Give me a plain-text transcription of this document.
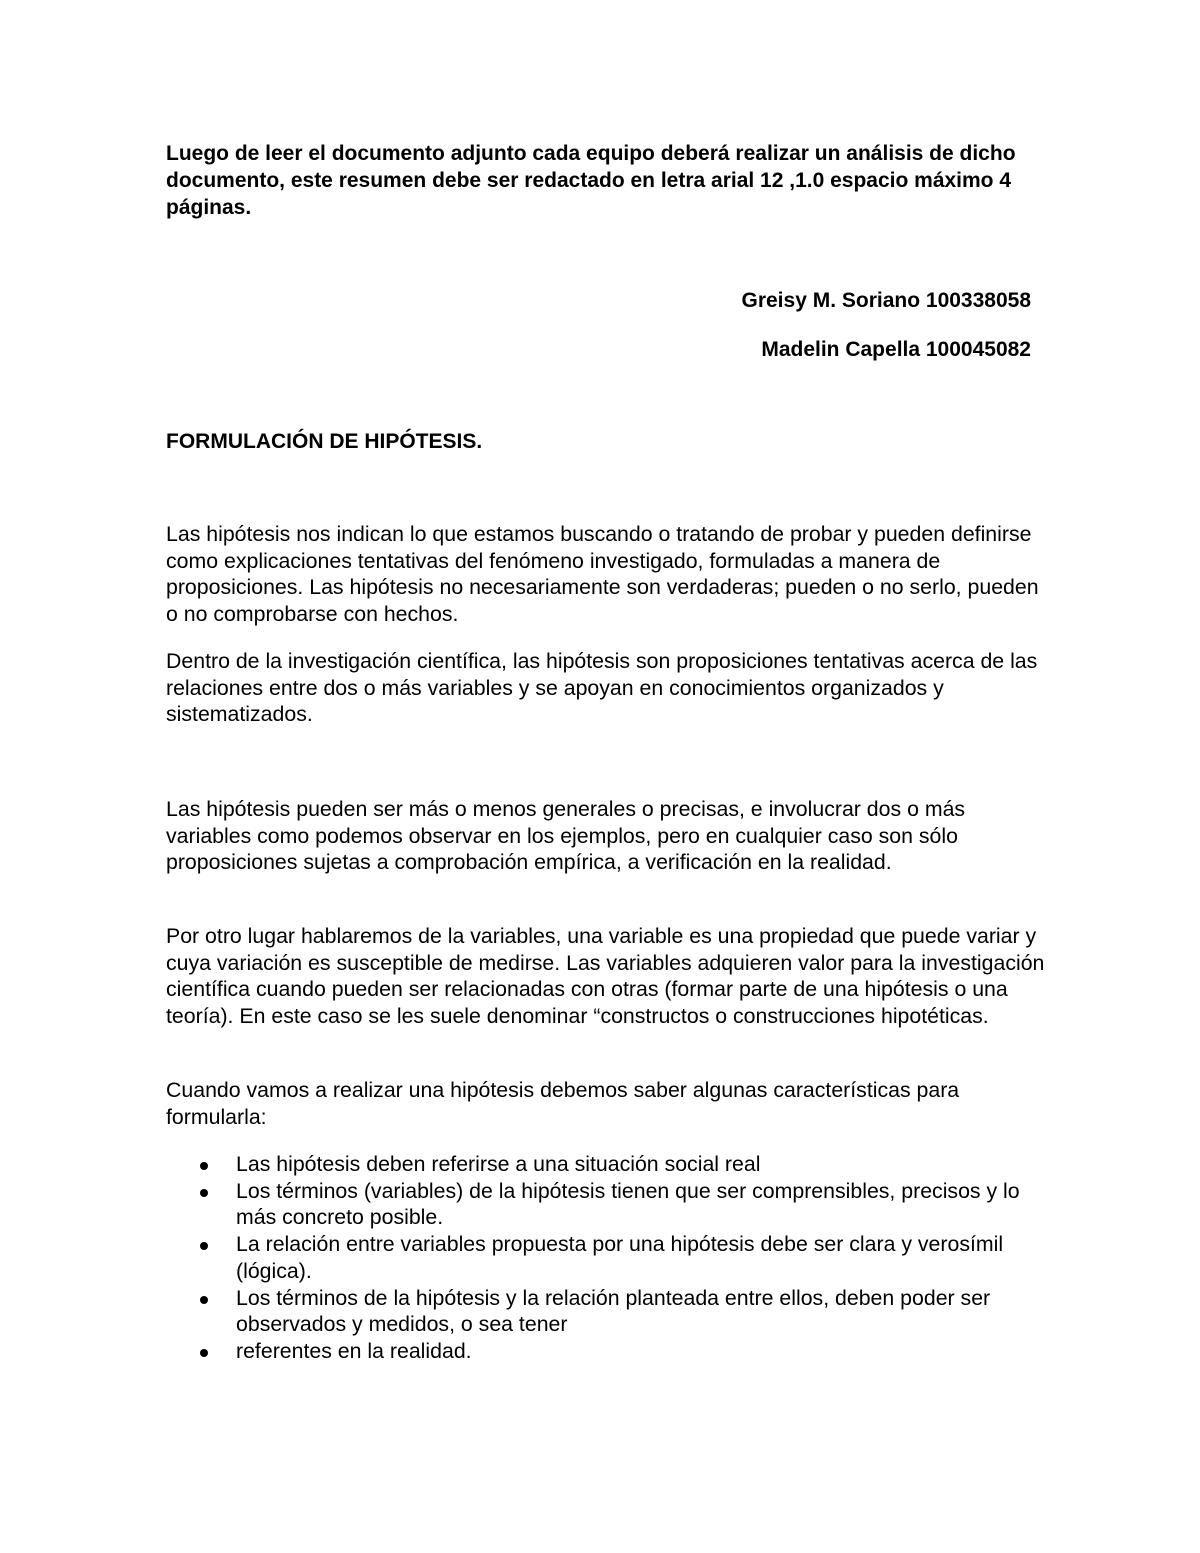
Luego de leer el documento adjunto cada equipo deberá realizar un análisis de dicho documento, este resumen debe ser redactado en letra arial 12 ,1.0 espacio máximo 4 páginas.

Greisy M. Soriano 100338058

Madelin Capella 100045082

FORMULACIÓN DE HIPÓTESIS.

Las hipótesis nos indican lo que estamos buscando o tratando de probar y pueden definirse como explicaciones tentativas del fenómeno investigado, formuladas a manera de proposiciones. Las hipótesis no necesariamente son verdaderas; pueden o no serlo, pueden o no comprobarse con hechos.

Dentro de la investigación científica, las hipótesis son proposiciones tentativas acerca de las relaciones entre dos o más variables y se apoyan en conocimientos organizados y sistematizados.

Las hipótesis pueden ser más o menos generales o precisas, e involucrar dos o más variables como podemos observar en los ejemplos, pero en cualquier caso son sólo proposiciones sujetas a comprobación empírica, a verificación en la realidad.

Por otro lugar hablaremos de la variables, una variable es una propiedad que puede variar y cuya variación es susceptible de medirse. Las variables adquieren valor para la investigación científica cuando pueden ser relacionadas con otras (formar parte de una hipótesis o una teoría). En este caso se les suele denominar “constructos o construcciones hipotéticas.

Cuando vamos a realizar una hipótesis debemos saber algunas características para formularla:

Las hipótesis deben referirse a una situación social real
Los términos (variables) de la hipótesis tienen que ser comprensibles, precisos y lo más concreto posible.
La relación entre variables propuesta por una hipótesis debe ser clara y verosímil (lógica).
Los términos de la hipótesis y la relación planteada entre ellos, deben poder ser observados y medidos, o sea tener
referentes en la realidad.
